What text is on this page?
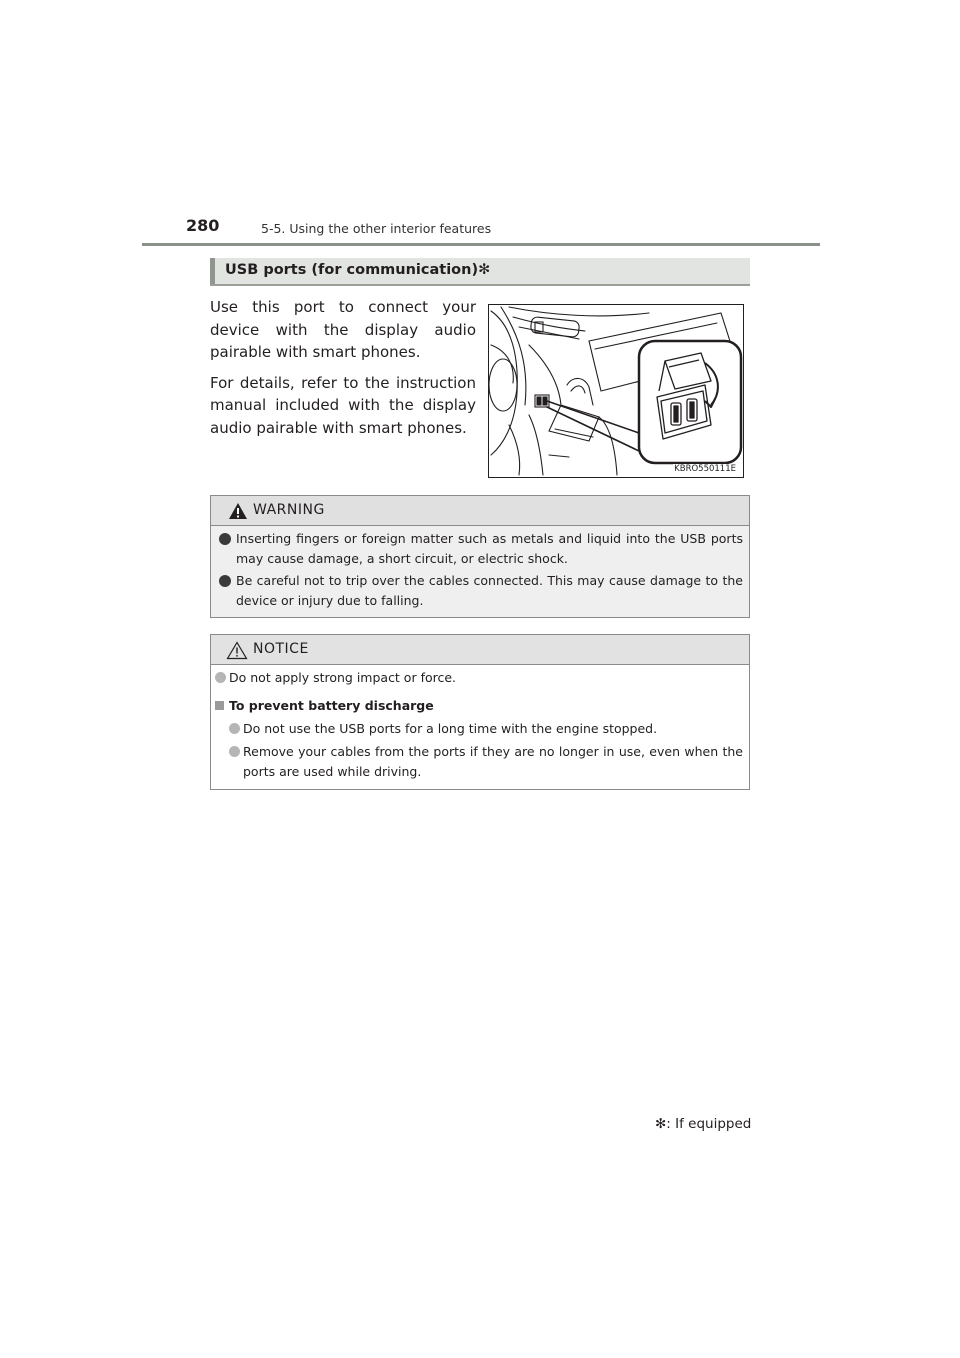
280	5-5. Using the other interior features
USB ports (for communication)✻

Use this port to connect your device with the display audio pairable with smart phones.

For details, refer to the instruction manual included with the display audio pairable with smart phones.

KBRO550111E
WARNING
Inserting fingers or foreign matter such as metals and liquid into the USB ports may cause damage, a short circuit, or electric shock.
Be careful not to trip over the cables connected. This may cause damage to the device or injury due to falling.
NOTICE
Do not apply strong impact or force.
To prevent battery discharge
Do not use the USB ports for a long time with the engine stopped.
Remove your cables from the ports if they are no longer in use, even when the ports are used while driving.
✻: If equipped
